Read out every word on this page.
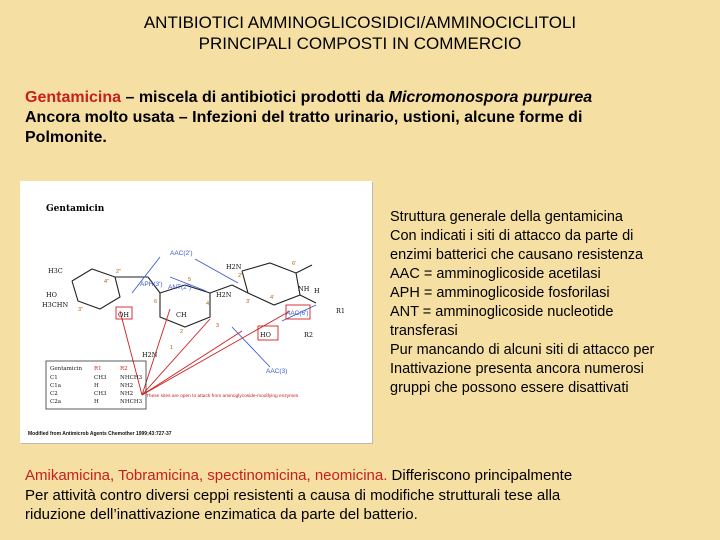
ANTIBIOTICI AMMINOGLICOSIDICI/AMMINOCICLITOLI
PRINCIPALI COMPOSTI IN COMMERCIO
Gentamicina – miscela di antibiotici prodotti da Micromonospora purpurea
Ancora molto usata – Infezioni del tratto urinario, ustioni, alcune forme di
Polmonite.
Gentamicin
AAC(2')
APH(3') ANT(2")
AAC(6')
AAC(3)
H3C
HO
H3CHN
H2N
H2N
NH H
OH	CH
HO
R1
R2
H2N
2'
3'
4'
6'
1
3
4
5
6
2
2"
3"
4"
Gentamicin R1	R2
C1	CH3 NHCH3
C1a	H	NH2
C2	CH3 NH2
C2a	H	NHCH3
These sites are open to attack from aminoglycoside-modifying enzymes
Modified from Antimicrob Agents Chemother 1999;43:727-37
Struttura generale della gentamicina
Con indicati i siti di attacco da parte di
enzimi batterici che causano resistenza
AAC = amminoglicoside acetilasi
APH = amminoglicoside fosforilasi
ANT = amminoglicoside nucleotide
transferasi
Pur mancando di alcuni siti di attacco per
Inattivazione presenta ancora numerosi
gruppi che possono essere disattivati
Amikamicina, Tobramicina, spectinomicina, neomicina. Differiscono principalmente
Per attività contro diversi ceppi resistenti a causa di modifiche strutturali tese alla
riduzione dell’inattivazione enzimatica da parte del batterio.
